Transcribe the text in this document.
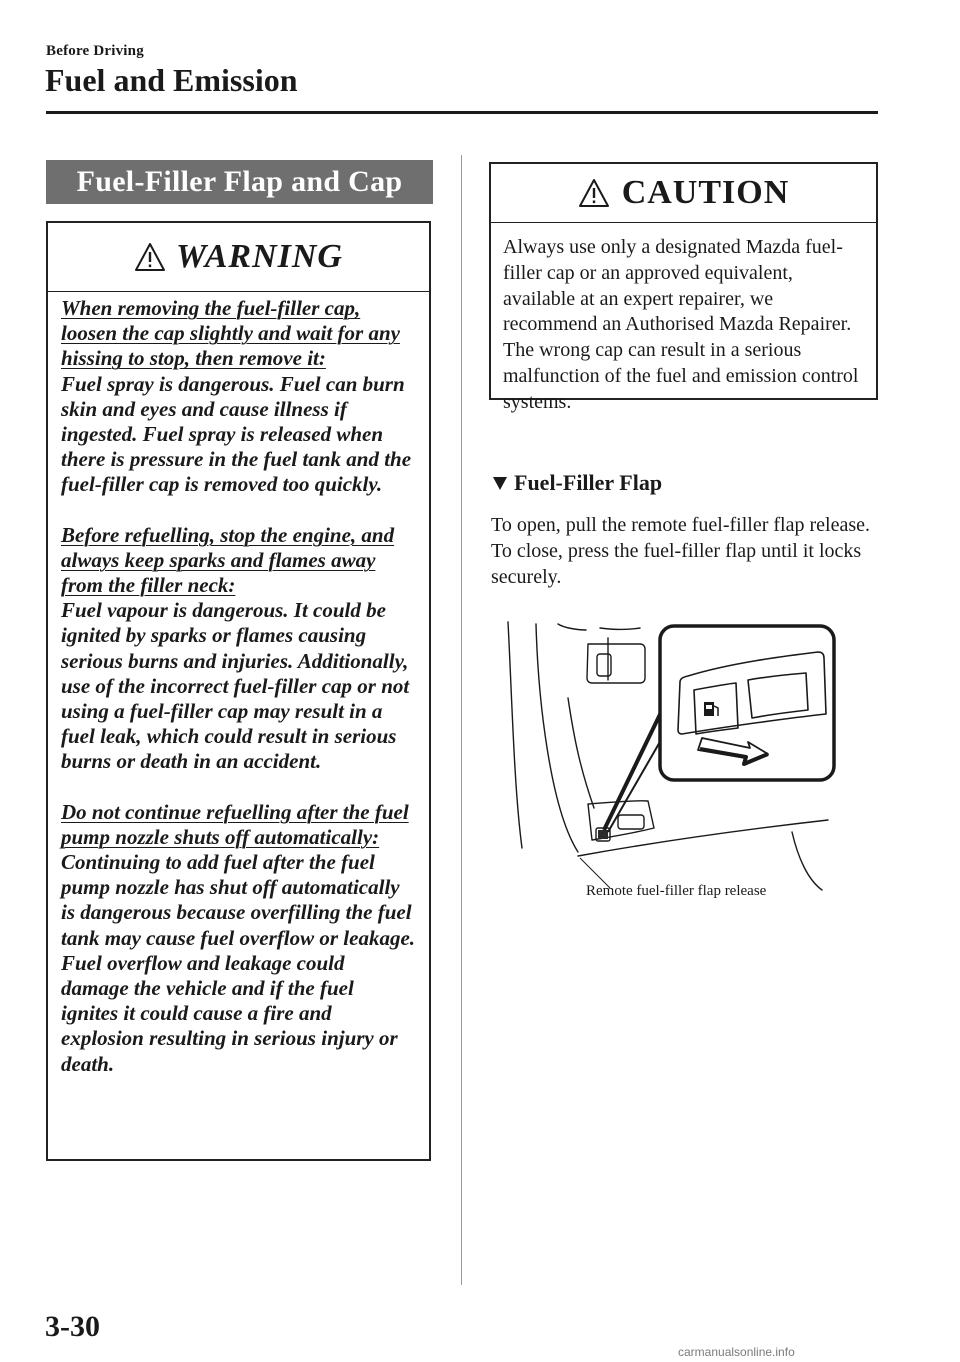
Before Driving
Fuel and Emission
Fuel-Filler Flap and Cap
WARNING

When removing the fuel-filler cap, loosen the cap slightly and wait for any hissing to stop, then remove it:

Fuel spray is dangerous. Fuel can burn skin and eyes and cause illness if ingested. Fuel spray is released when there is pressure in the fuel tank and the fuel-filler cap is removed too quickly.

Before refuelling, stop the engine, and always keep sparks and flames away from the filler neck:

Fuel vapour is dangerous. It could be ignited by sparks or flames causing serious burns and injuries. Additionally, use of the incorrect fuel-filler cap or not using a fuel-filler cap may result in a fuel leak, which could result in serious burns or death in an accident.

Do not continue refuelling after the fuel pump nozzle shuts off automatically:

Continuing to add fuel after the fuel pump nozzle has shut off automatically is dangerous because overfilling the fuel tank may cause fuel overflow or leakage. Fuel overflow and leakage could damage the vehicle and if the fuel ignites it could cause a fire and explosion resulting in serious injury or death.

CAUTION

Always use only a designated Mazda fuel-filler cap or an approved equivalent, available at an expert repairer, we recommend an Authorised Mazda Repairer. The wrong cap can result in a serious malfunction of the fuel and emission control systems.

Fuel-Filler Flap

To open, pull the remote fuel-filler flap release.
To close, press the fuel-filler flap until it locks securely.

Remote fuel-filler flap release
3-30
carmanualsonline.info
